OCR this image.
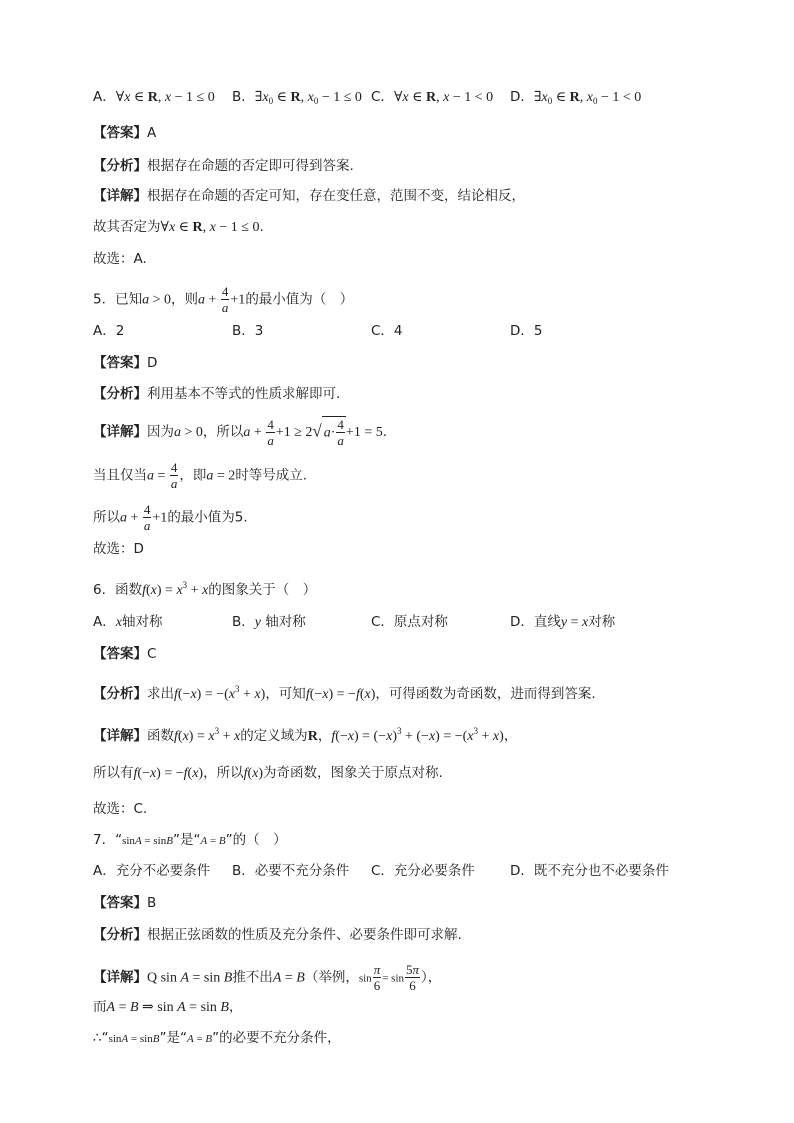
A．∀x ∈ R, x − 1 ≤ 0 B．$\exists x_0$ ∈ R, $x_0 - 1 \le 0$ C．∀x ∈ R, x − 1 < 0 D．$\exists x_0$ ∈ R, $x_0 - 1 < 0$
【答案】A
【分析】根据存在命题的否定即可得到答案.
【详解】根据存在命题的否定可知，存在变任意，范围不变，结论相反，
故其否定为∀x ∈ R, x − 1 ≤ 0.
故选：A.
5．已知a > 0，则$a + \frac{4}{a} +1$的最小值为（　）
A．2	B．3	C．4	D．5
【答案】D
【分析】利用基本不等式的性质求解即可.
【详解】因为a > 0，所以$a + \frac{4}{a} +1 \ge 2√$ $a\cdot \frac{4}{a} +1 = 5$.
当且仅当$a = \frac{4}{a}$ ，即a = 2时等号成立.
所以$a + \frac{4}{a} +1$的最小值为5.
故选：D
6．函数$f(x) = x^3 + x$的图象关于（　）
A．x轴对称	B．y 轴对称	C．原点对称	D．直线y = x对称
【答案】C
【分析】求出$f(-x) = -(x^3 + x)$，可知f(−x) = −f(x)，可得函数为奇函数，进而得到答案.
【详解】函数$f(x) = x^3 + x$的定义域为R，$f(-x) = (-x)^3 + (-x) = -(x^3 + x)$，
所以有f(−x) = −f(x)，所以f(x)为奇函数，图象关于原点对称.
故选：C.
7．“sinA = sinB”是“A = B”的（　）
A．充分不必要条件 B．必要不充分条件 C．充分必要条件	D．既不充分也不必要条件
【答案】B
【分析】根据正弦函数的性质及充分条件、必要条件即可求解.
【详解】Q sin A = sin B推不出A = B（举例，$\sin \frac{\pi}{6} = \sin \frac{5\pi}{6}$ ），
而A = B ⇒ sin A = sin B，
∴“sinA = sinB”是“A = B”的必要不充分条件，
